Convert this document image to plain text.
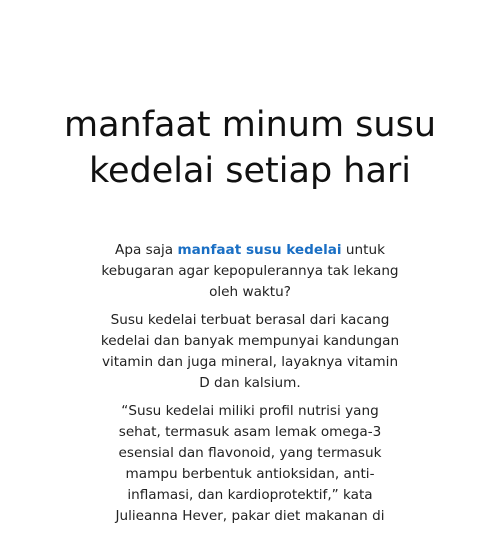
manfaat minum susu kedelai setiap hari

Apa saja manfaat susu kedelai untuk kebugaran agar kepopulerannya tak lekang oleh waktu?

Susu kedelai terbuat berasal dari kacang kedelai dan banyak mempunyai kandungan vitamin dan juga mineral, layaknya vitamin D dan kalsium.

“Susu kedelai miliki profil nutrisi yang sehat, termasuk asam lemak omega-3 esensial dan flavonoid, yang termasuk mampu berbentuk antioksidan, anti-inflamasi, dan kardioprotektif,” kata Julieanna Hever, pakar diet makanan di
